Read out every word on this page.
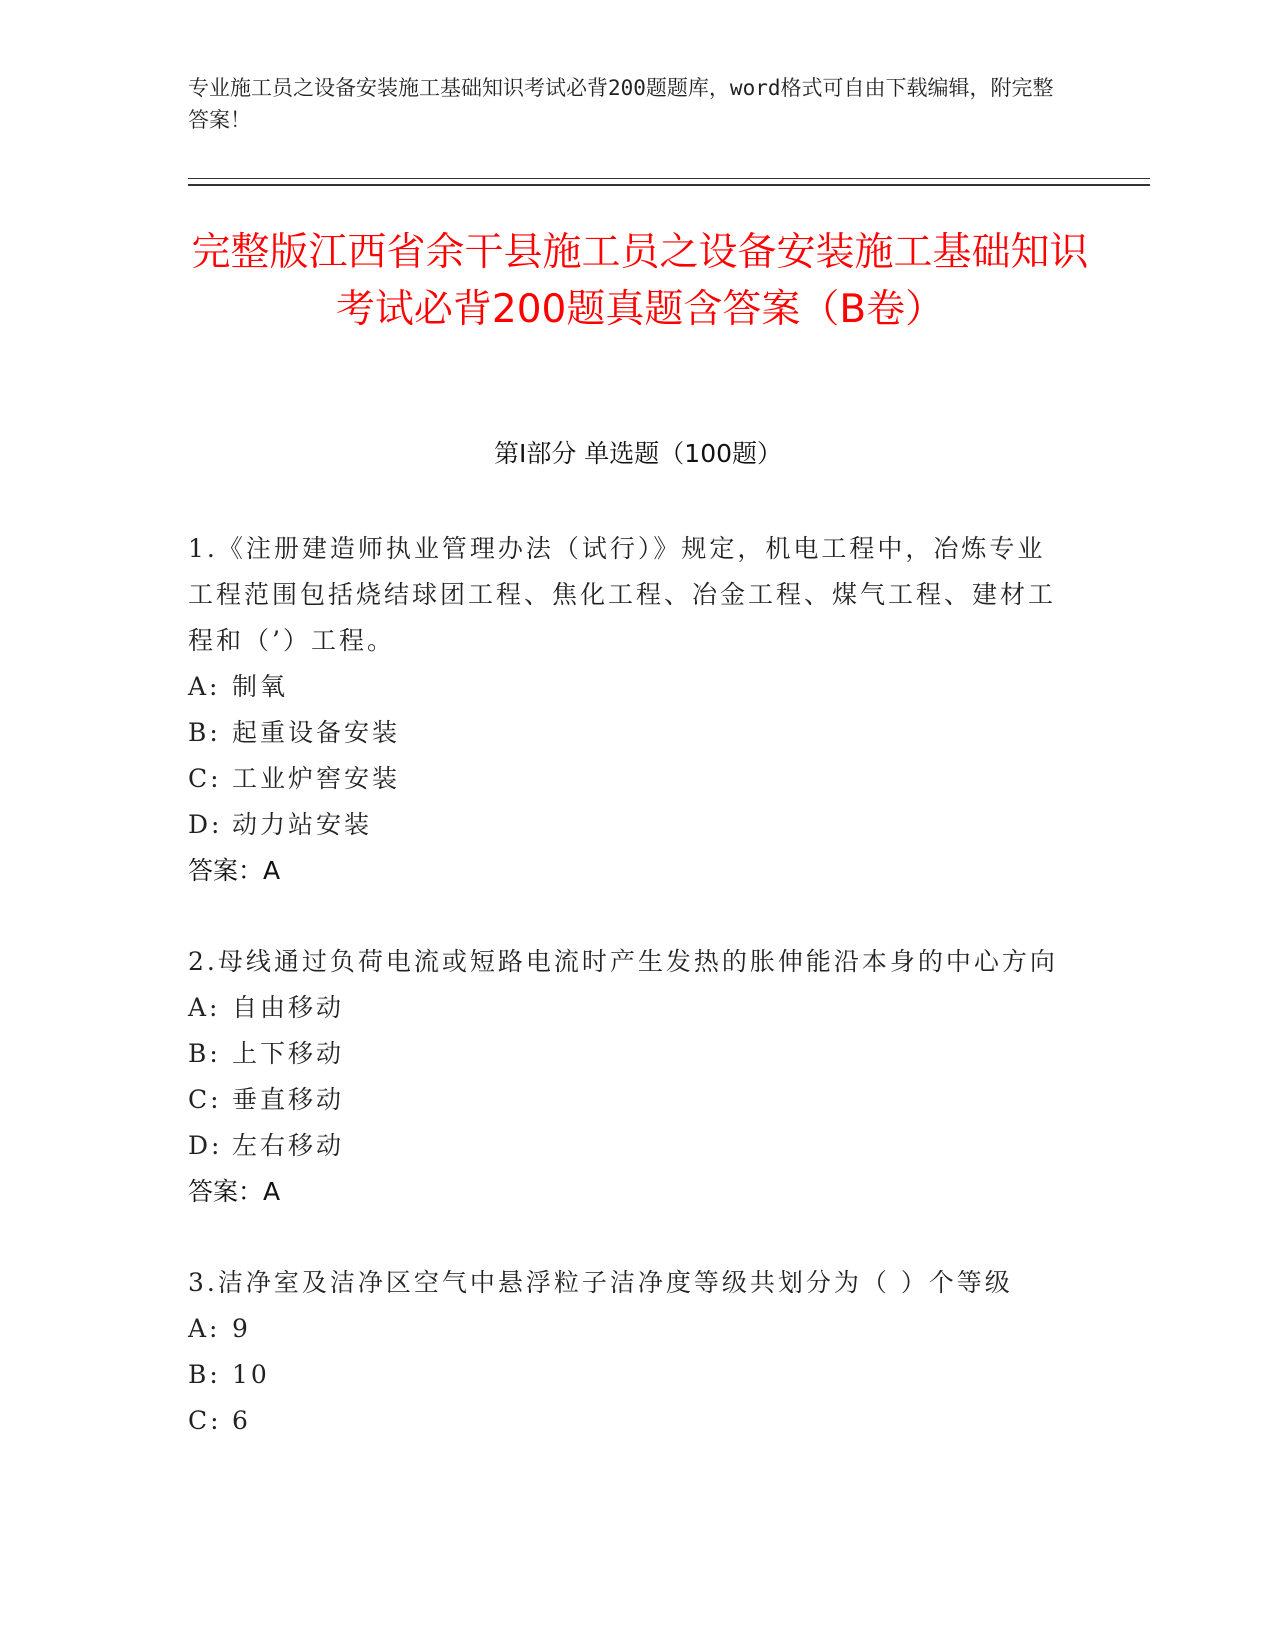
专业施工员之设备安装施工基础知识考试必背200题题库，word格式可自由下载编辑，附完整答案！
完整版江西省余干县施工员之设备安装施工基础知识考试必背200题真题含答案（B卷）
第I部分 单选题（100题）

1.《注册建造师执业管理办法（试行）》规定，机电工程中，冶炼专业工程范围包括烧结球团工程、焦化工程、冶金工程、煤气工程、建材工程和（’）工程。

A: 制氧
B: 起重设备安装
C: 工业炉窖安装
D: 动力站安装

答案：A

2.母线通过负荷电流或短路电流时产生发热的胀伸能沿本身的中心方向

A: 自由移动
B: 上下移动
C: 垂直移动
D: 左右移动

答案：A

3.洁净室及洁净区空气中悬浮粒子洁净度等级共划分为（ ）个等级

A: 9
B: 10
C: 6
